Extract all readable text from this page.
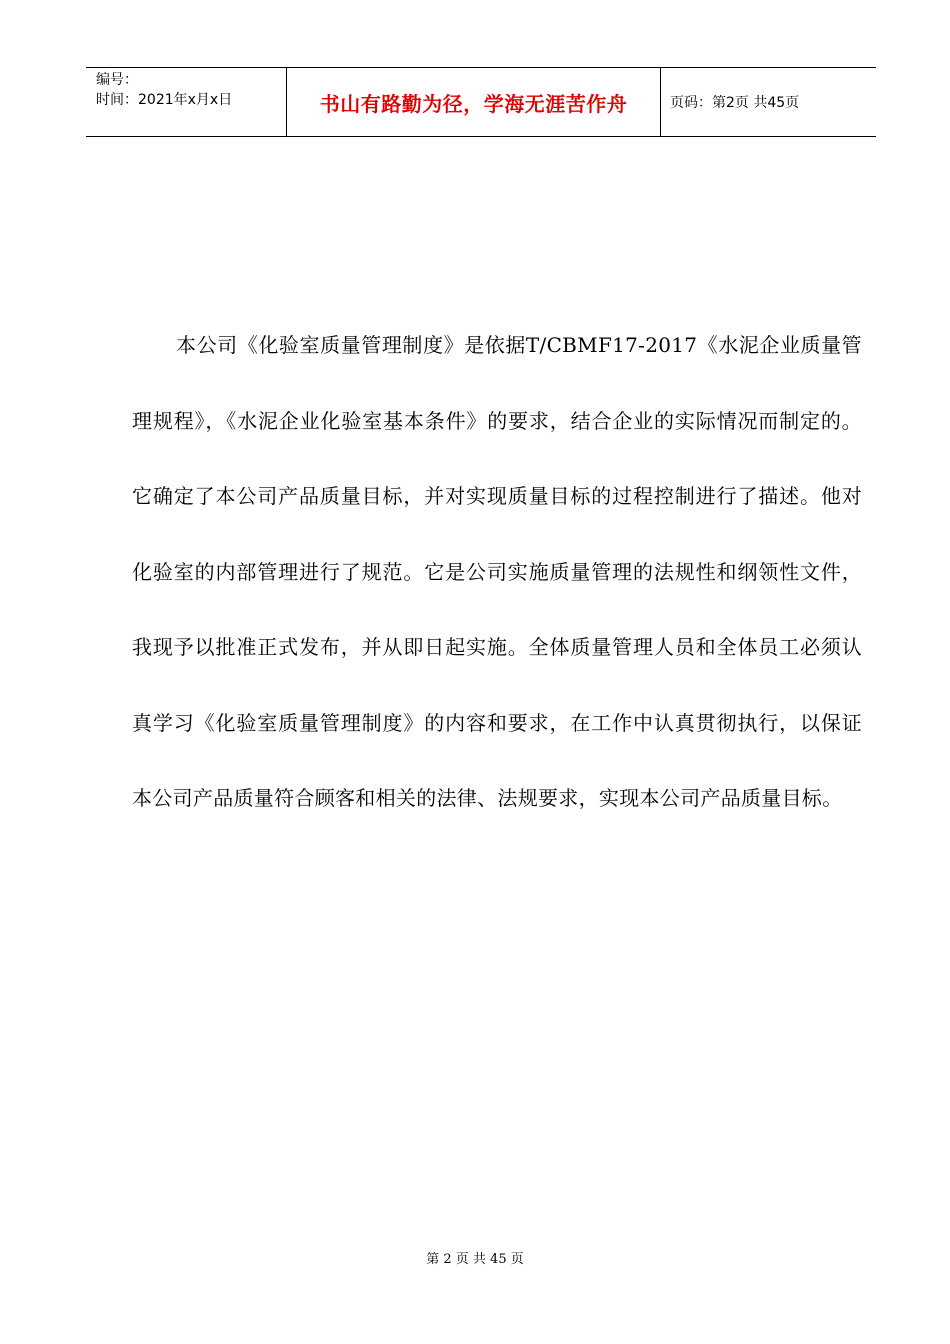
编号：
时间：2021年x月x日	书山有路勤为径，学海无涯苦作舟	页码：第2页 共45页
本公司《化验室质量管理制度》是依据T/CBMF17-2017《水泥企业质量管理规程》，《水泥企业化验室基本条件》的要求，结合企业的实际情况而制定的。它确定了本公司产品质量目标，并对实现质量目标的过程控制进行了描述。他对化验室的内部管理进行了规范。它是公司实施质量管理的法规性和纲领性文件，我现予以批准正式发布，并从即日起实施。全体质量管理人员和全体员工必须认真学习《化验室质量管理制度》的内容和要求，在工作中认真贯彻执行，以保证本公司产品质量符合顾客和相关的法律、法规要求，实现本公司产品质量目标。
第 2 页 共 45 页
